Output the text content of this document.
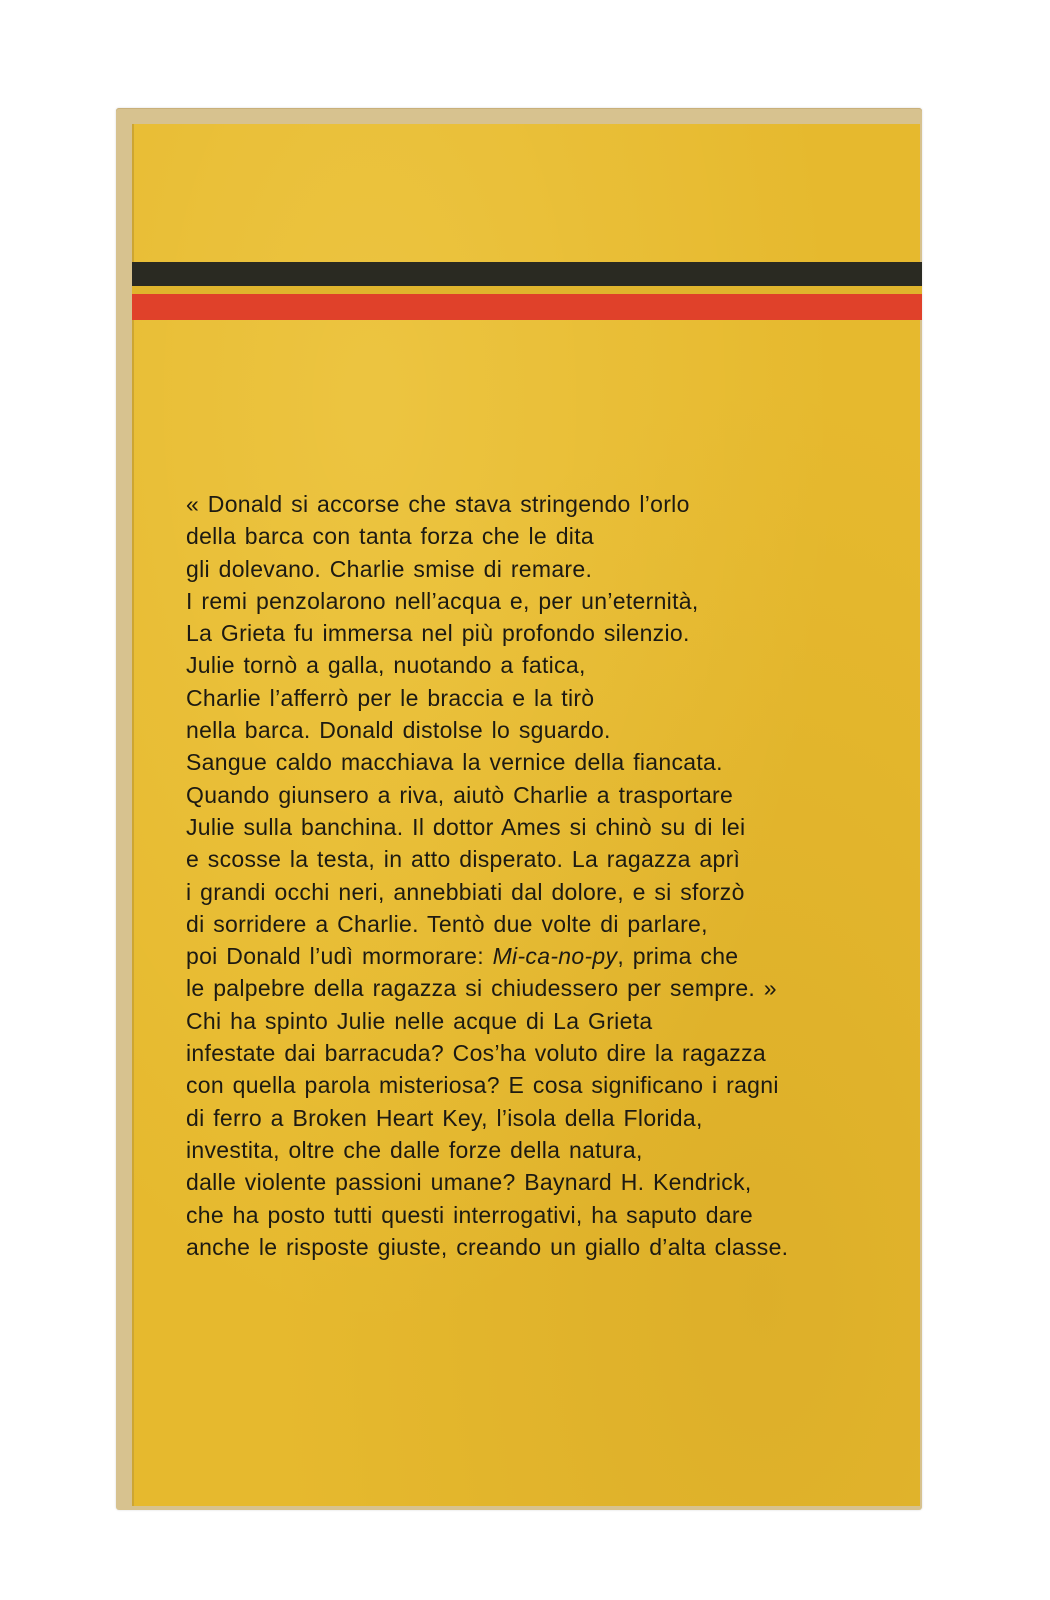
« Donald si accorse che stava stringendo l’orlo
della barca con tanta forza che le dita
gli dolevano. Charlie smise di remare.
I remi penzolarono nell’acqua e, per un’eternità,
La Grieta fu immersa nel più profondo silenzio.
Julie tornò a galla, nuotando a fatica,
Charlie l’afferrò per le braccia e la tirò
nella barca. Donald distolse lo sguardo.
Sangue caldo macchiava la vernice della fiancata.
Quando giunsero a riva, aiutò Charlie a trasportare
Julie sulla banchina. Il dottor Ames si chinò su di lei
e scosse la testa, in atto disperato. La ragazza aprì
i grandi occhi neri, annebbiati dal dolore, e si sforzò
di sorridere a Charlie. Tentò due volte di parlare,
poi Donald l’udì mormorare: Mi-ca-no-py, prima che
le palpebre della ragazza si chiudessero per sempre. »
Chi ha spinto Julie nelle acque di La Grieta
infestate dai barracuda? Cos’ha voluto dire la ragazza
con quella parola misteriosa? E cosa significano i ragni
di ferro a Broken Heart Key, l’isola della Florida,
investita, oltre che dalle forze della natura,
dalle violente passioni umane? Baynard H. Kendrick,
che ha posto tutti questi interrogativi, ha saputo dare
anche le risposte giuste, creando un giallo d’alta classe.
